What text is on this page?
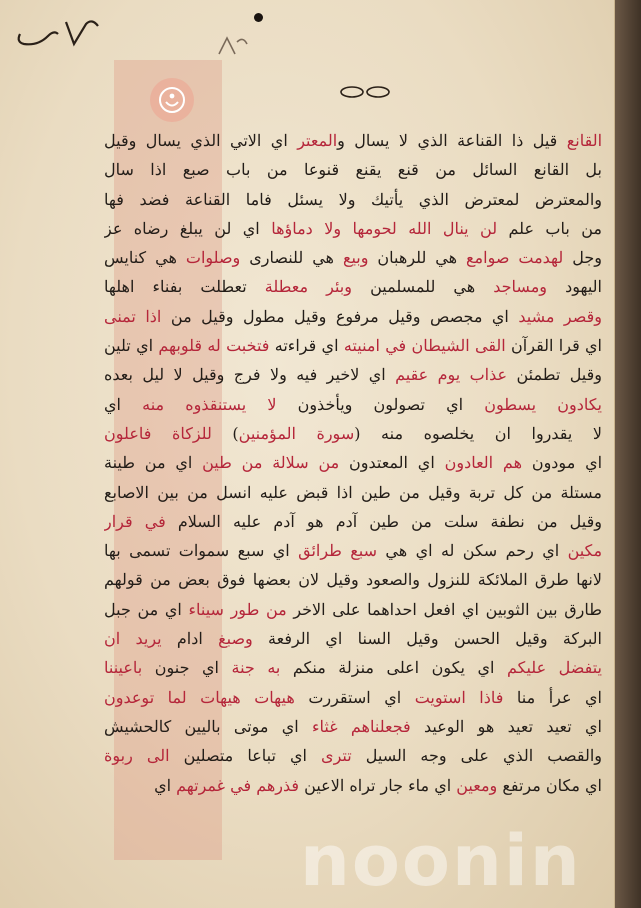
القانع قيل ذا القناعة الذي لا يسال والمعتر اي الاتي الذي يسال وقيل
بل القانع السائل من قنع يقنع قنوعا من باب صبع اذا سال
والمعترض لمعترض الذي يأتيك ولا يسئل فاما القناعة فضد فها
من باب علم لن ينال الله لحومها ولا دماؤها اي لن يبلغ رضاه عز
وجل لهدمت صوامع هي للرهبان وبيع هي للنصارى وصلوات هي كنايس
اليهود ومساجد هي للمسلمين وبئر معطلة تعطلت بفناء اهلها
وقصر مشيد اي مجصص وقيل مرفوع وقيل مطول وقيل من اذا تمنى
اي قرا القرآن القى الشيطان في امنيته اي قراءته فتخبت له قلوبهم اي تلين
وقيل تطمئن عذاب يوم عقيم اي لاخير فيه ولا فرج وقيل لا ليل بعده
يكادون يسطون اي تصولون ويأخذون لا يستنقذوه منه اي
لا يقدروا ان يخلصوه منه (سورة المؤمنين) للزكاة فاعلون
اي مودون هم العادون اي المعتدون من سلالة من طين اي من طينة
مستلة من كل تربة وقيل من طين اذا قبض عليه انسل من بين الاصابع
وقيل من نطفة سلت من طين آدم هو آدم عليه السلام في قرار
مكين اي رحم سكن له اي هي سبع طرائق اي سبع سموات تسمى بها
لانها طرق الملائكة للنزول والصعود وقيل لان بعضها فوق بعض من قولهم
طارق بين الثوبين اي افعل احداهما على الاخر من طور سيناء اي من جبل
البركة وقيل الحسن وقيل السنا اي الرفعة وصبغ ادام يريد ان
يتفضل عليكم اي يكون اعلى منزلة منكم به جنة اي جنون باعيننا
اي عرأ منا فاذا استويت اي استقررت هيهات هيهات لما توعدون
اي تعيد تعيد هو الوعيد فجعلناهم غثاء اي موتى باليين كالحشيش
والقصب الذي على وجه السيل تترى اي تباعا متصلين الى ربوة
اي مكان مرتفع ومعين اي ماء جار تراه الاعين فذرهم في غمرتهم اي
noonin
